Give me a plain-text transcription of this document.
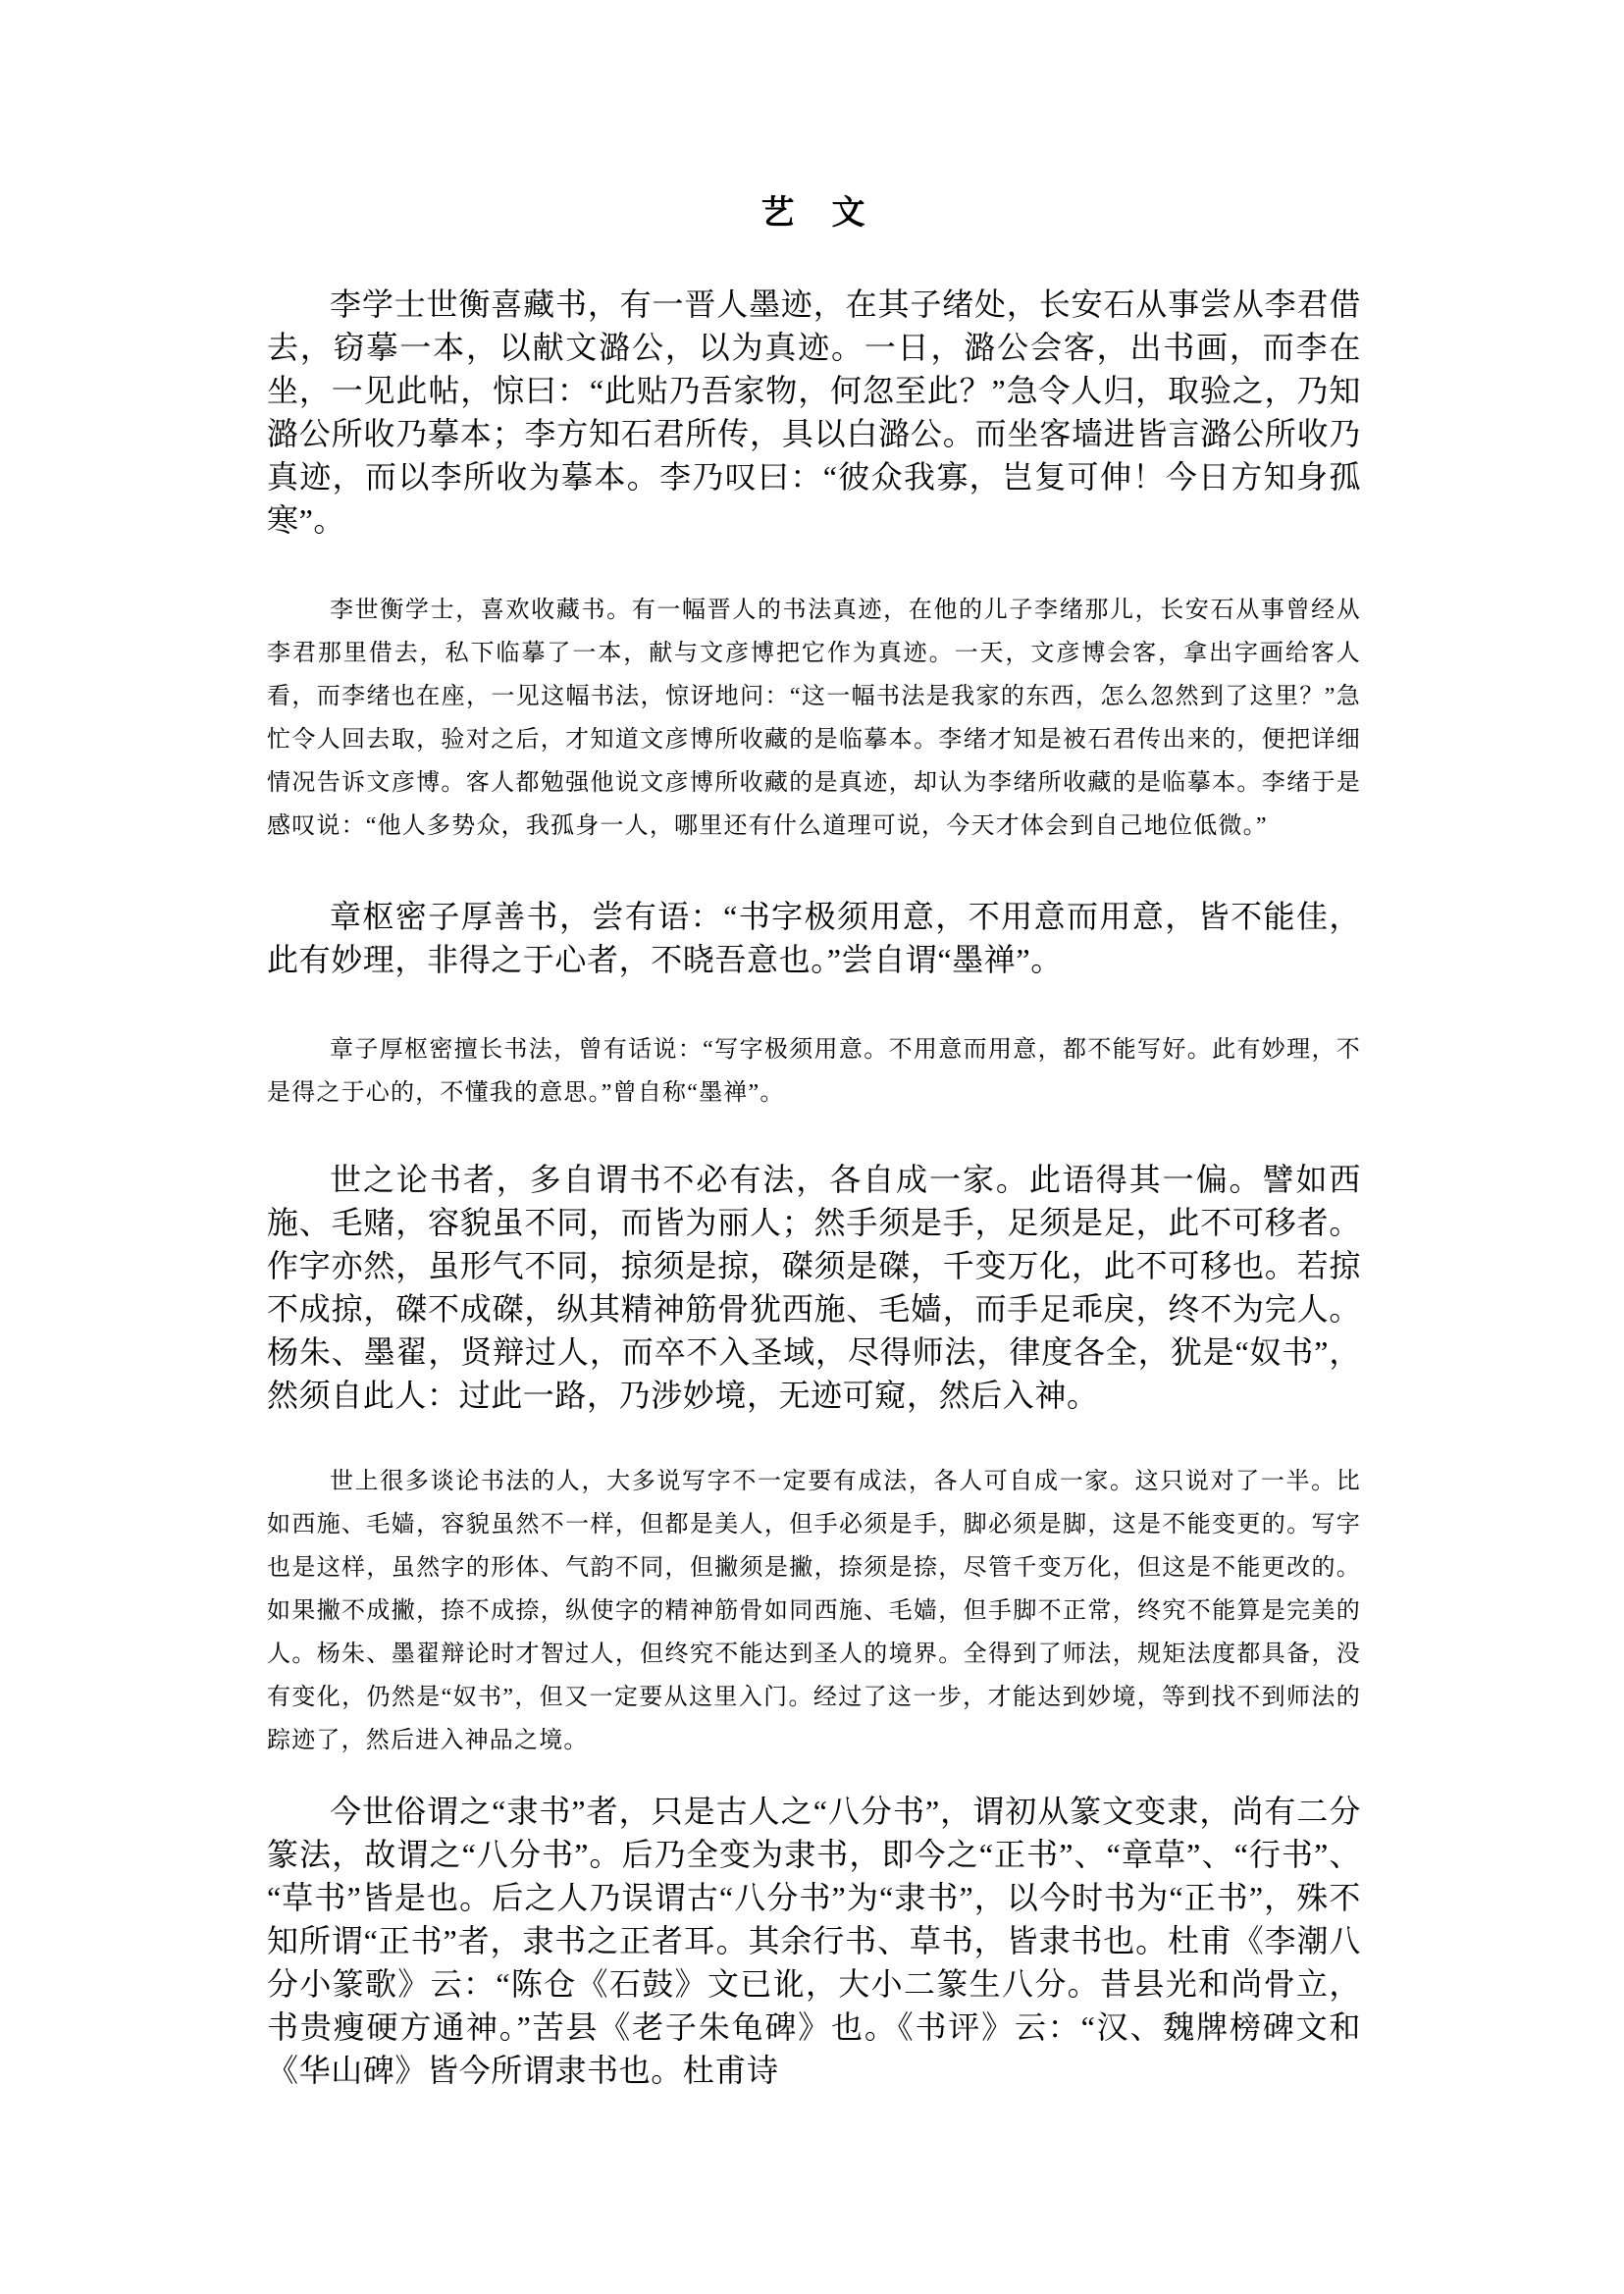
艺　文

李学士世衡喜藏书，有一晋人墨迹，在其子绪处，长安石从事尝从李君借去，窃摹一本，以献文潞公，以为真迹。一日，潞公会客，出书画，而李在坐，一见此帖，惊曰：“此贴乃吾家物，何忽至此？”急令人归，取验之，乃知潞公所收乃摹本；李方知石君所传，具以白潞公。而坐客墙进皆言潞公所收乃真迹，而以李所收为摹本。李乃叹曰：“彼众我寡，岂复可伸！今日方知身孤寒”。

李世衡学士，喜欢收藏书。有一幅晋人的书法真迹，在他的儿子李绪那儿，长安石从事曾经从李君那里借去，私下临摹了一本，献与文彦博把它作为真迹。一天，文彦博会客，拿出字画给客人看，而李绪也在座，一见这幅书法，惊讶地问：“这一幅书法是我家的东西，怎么忽然到了这里？”急忙令人回去取，验对之后，才知道文彦博所收藏的是临摹本。李绪才知是被石君传出来的，便把详细情况告诉文彦博。客人都勉强他说文彦博所收藏的是真迹，却认为李绪所收藏的是临摹本。李绪于是感叹说：“他人多势众，我孤身一人，哪里还有什么道理可说，今天才体会到自己地位低微。”

章枢密子厚善书，尝有语：“书字极须用意，不用意而用意，皆不能佳，此有妙理，非得之于心者，不晓吾意也。”尝自谓“墨禅”。

章子厚枢密擅长书法，曾有话说：“写字极须用意。不用意而用意，都不能写好。此有妙理，不是得之于心的，不懂我的意思。”曾自称“墨禅”。

世之论书者，多自谓书不必有法，各自成一家。此语得其一偏。譬如西施、毛赌，容貌虽不同，而皆为丽人；然手须是手，足须是足，此不可移者。作字亦然，虽形气不同，掠须是掠，磔须是磔，千变万化，此不可移也。若掠不成掠，磔不成磔，纵其精神筋骨犹西施、毛嫱，而手足乖戾，终不为完人。杨朱、墨翟，贤辩过人，而卒不入圣域，尽得师法，律度各全，犹是“奴书”，然须自此人：过此一路，乃涉妙境，无迹可窥，然后入神。

世上很多谈论书法的人，大多说写字不一定要有成法，各人可自成一家。这只说对了一半。比如西施、毛嫱，容貌虽然不一样，但都是美人，但手必须是手，脚必须是脚，这是不能变更的。写字也是这样，虽然字的形体、气韵不同，但撇须是撇，捺须是捺，尽管千变万化，但这是不能更改的。如果撇不成撇，捺不成捺，纵使字的精神筋骨如同西施、毛嫱，但手脚不正常，终究不能算是完美的人。杨朱、墨翟辩论时才智过人，但终究不能达到圣人的境界。全得到了师法，规矩法度都具备，没有变化，仍然是“奴书”，但又一定要从这里入门。经过了这一步，才能达到妙境，等到找不到师法的踪迹了，然后进入神品之境。

今世俗谓之“隶书”者，只是古人之“八分书”，谓初从篆文变隶，尚有二分篆法，故谓之“八分书”。后乃全变为隶书，即今之“正书”、“章草”、“行书”、“草书”皆是也。后之人乃误谓古“八分书”为“隶书”，以今时书为“正书”，殊不知所谓“正书”者，隶书之正者耳。其余行书、草书，皆隶书也。杜甫《李潮八分小篆歌》云：“陈仓《石鼓》文已讹，大小二篆生八分。昔县光和尚骨立，书贵瘦硬方通神。”苦县《老子朱龟碑》也。《书评》云：“汉、魏牌榜碑文和《华山碑》皆今所谓隶书也。杜甫诗
